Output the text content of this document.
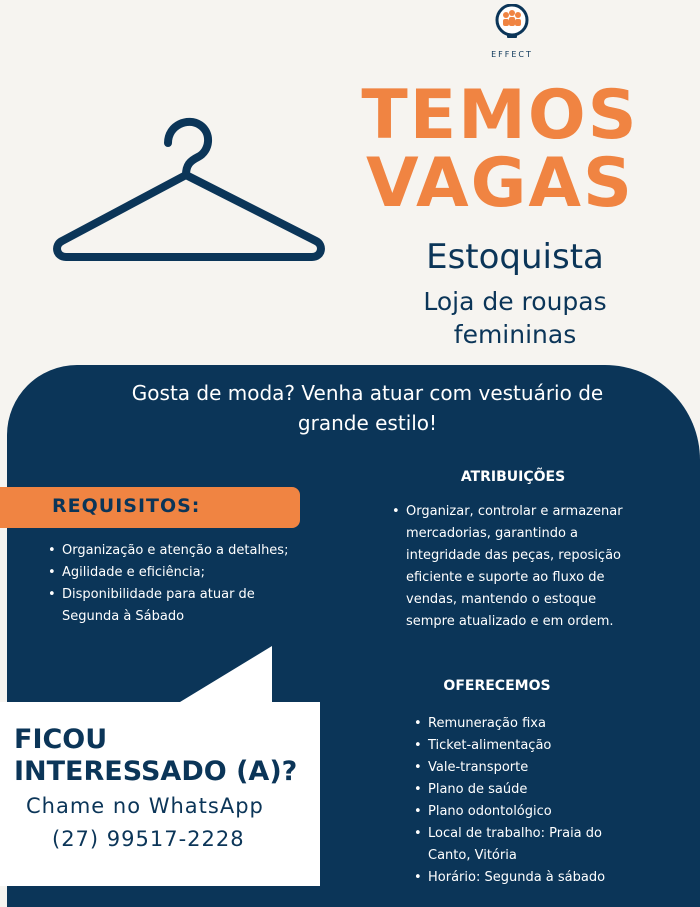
EFFECT
TEMOS
VAGAS
Estoquista
Loja de roupas
femininas
Gosta de moda? Venha atuar com vestuário de grande estilo!
REQUISITOS:
• Organização e atenção a detalhes;
• Agilidade e eficiência;
• Disponibilidade para atuar de Segunda à Sábado
ATRIBUIÇÕES
• Organizar, controlar e armazenar mercadorias, garantindo a integridade das peças, reposição eficiente e suporte ao fluxo de vendas, mantendo o estoque sempre atualizado e em ordem.
OFERECEMOS
• Remuneração fixa
• Ticket-alimentação
• Vale-transporte
• Plano de saúde
• Plano odontológico
• Local de trabalho: Praia do Canto, Vitória
• Horário: Segunda à sábado
FICOU
INTERESSADO (A)?
Chame no WhatsApp
(27) 99517-2228
